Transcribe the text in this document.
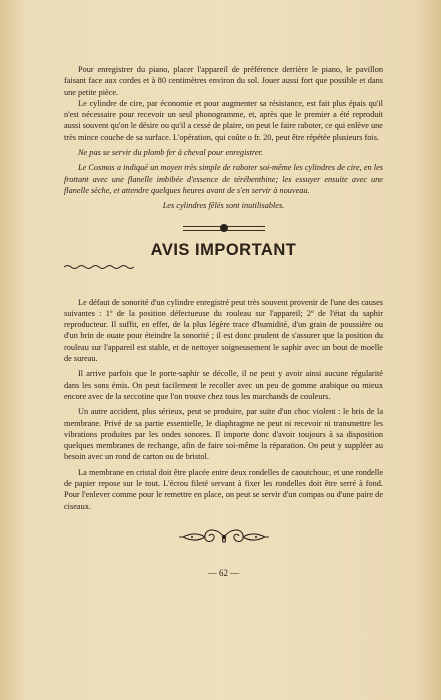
Pour enregistrer du piano, placer l'appareil de préférence derrière le piano, le pavillon faisant face aux cordes et à 80 centimètres environ du sol. Jouer aussi fort que possible et dans une petite pièce.

Le cylindre de cire, par économie et pour augmenter sa résistance, est fait plus épais qu'il n'est nécessaire pour recevoir un seul phonogramme, et, après que le premier a été reproduit aussi souvent qu'on le désire ou qu'il a cessé de plaire, on peut le faire raboter, ce qui enlève une très mince couche de sa surface. L'opération, qui coûte o fr. 20, peut être répétée plusieurs fois.

Ne pas se servir du plomb fer à cheval pour enregistrer.

Le Cosmos a indiqué un moyen très simple de raboter soi-même les cylindres de cire, en les frottant avec une flanelle imbibée d'essence de térébenthine; les essuyer ensuite avec une flanelle sèche, et attendre quelques heures avant de s'en servir à nouveau.

Les cylindres fêlés sont inutilisables.

AVIS IMPORTANT

Le défaut de sonorité d'un cylindre enregistré peut très souvent provenir de l'une des causes suivantes : 1º de la position défectueuse du rouleau sur l'appareil; 2º de l'état du saphir reproducteur. Il suffit, en effet, de la plus légère trace d'humidité, d'un grain de poussière ou d'un brin de ouate pour éteindre la sonorité ; il est donc prudent de s'assurer que la position du rouleau sur l'appareil est stable, et de nettoyer soigneusement le saphir avec un bout de moelle de sureau.

Il arrive parfois que le porte-saphir se décolle, il ne peut y avoir ainsi aucune régularité dans les sons émis. On peut facilement le recoller avec un peu de gomme arabique ou mieux encore avec de la seccotine que l'on trouve chez tous les marchands de couleurs.

Un autre accident, plus sérieux, peut se produire, par suite d'un choc violent : le bris de la membrane. Privé de sa partie essentielle, le diaphragme ne peut ni recevoir ni transmettre les vibrations produites par les ondes sonores. Il importe donc d'avoir toujours à sa disposition quelques membranes de rechange, afin de faire soi-même la réparation. On peut y suppléer au besoin avec un rond de carton ou de bristol.

La membrane en cristal doit être placée entre deux rondelles de caoutchouc, et une rondelle de papier repose sur le tout. L'écrou fileté servant à fixer les rondelles doit être serré à fond. Pour l'enlever comme pour le remettre en place, on peut se servir d'un compas ou d'une paire de ciseaux.

— 62 —
